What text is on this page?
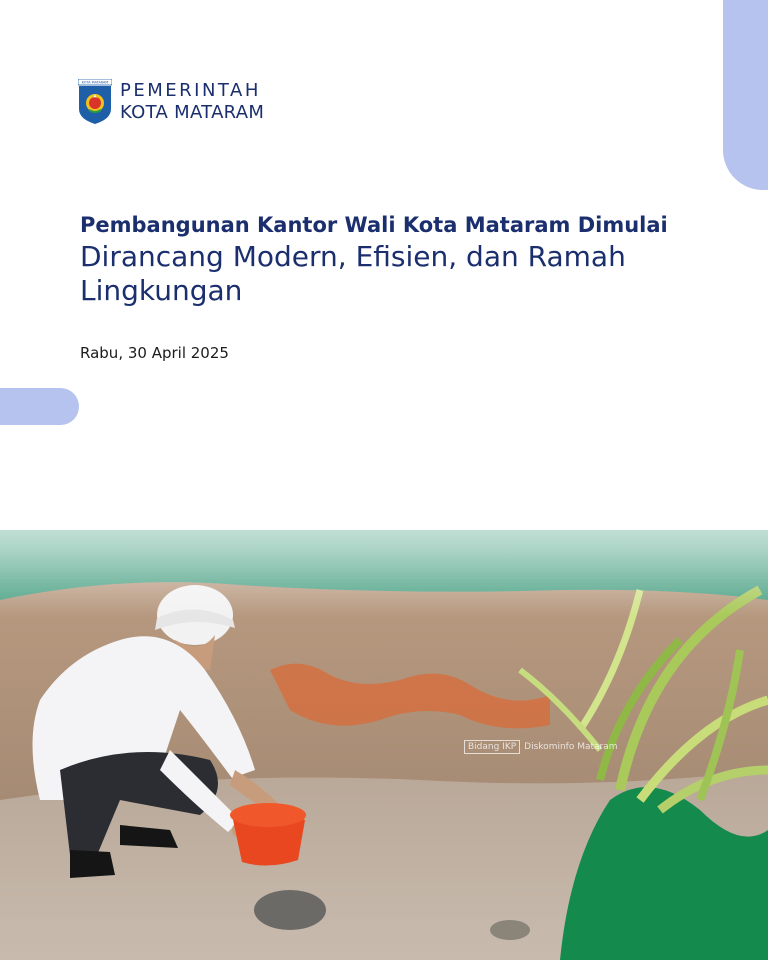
KOTA MATARAM PEMERINTAH
KOTA MATARAM
Pembangunan Kantor Wali Kota Mataram Dimulai
Dirancang Modern, Efisien, dan Ramah Lingkungan
Rabu, 30 April 2025
Bidang IKP Diskominfo Mataram
